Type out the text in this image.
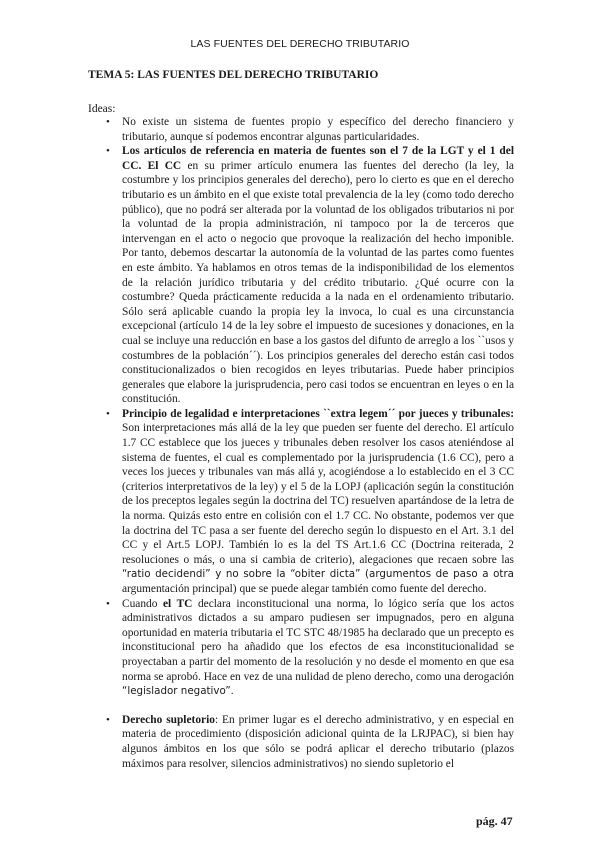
LAS FUENTES DEL DERECHO TRIBUTARIO
TEMA 5: LAS FUENTES DEL DERECHO TRIBUTARIO
Ideas:
• No existe un sistema de fuentes propio y específico del derecho financiero y tributario, aunque sí podemos encontrar algunas particularidades.
• Los artículos de referencia en materia de fuentes son el 7 de la LGT y el 1 del CC. El CC en su primer artículo enumera las fuentes del derecho (la ley, la costumbre y los principios generales del derecho), pero lo cierto es que en el derecho tributario es un ámbito en el que existe total prevalencia de la ley (como todo derecho público), que no podrá ser alterada por la voluntad de los obligados tributarios ni por la voluntad de la propia administración, ni tampoco por la de terceros que intervengan en el acto o negocio que provoque la realización del hecho imponible. Por tanto, debemos descartar la autonomía de la voluntad de las partes como fuentes en este ámbito. Ya hablamos en otros temas de la indisponibilidad de los elementos de la relación jurídico tributaria y del crédito tributario. ¿Qué ocurre con la costumbre? Queda prácticamente reducida a la nada en el ordenamiento tributario. Sólo será aplicable cuando la propia ley la invoca, lo cual es una circunstancia excepcional (artículo 14 de la ley sobre el impuesto de sucesiones y donaciones, en la cual se incluye una reducción en base a los gastos del difunto de arreglo a los ``usos y costumbres de la población´´). Los principios generales del derecho están casi todos constitucionalizados o bien recogidos en leyes tributarias. Puede haber principios generales que elabore la jurisprudencia, pero casi todos se encuentran en leyes o en la constitución.
• Principio de legalidad e interpretaciones ``extra legem´´ por jueces y tribunales: Son interpretaciones más allá de la ley que pueden ser fuente del derecho. El artículo 1.7 CC establece que los jueces y tribunales deben resolver los casos ateniéndose al sistema de fuentes, el cual es complementado por la jurisprudencia (1.6 CC), pero a veces los jueces y tribunales van más allá y, acogiéndose a lo establecido en el 3 CC (criterios interpretativos de la ley) y el 5 de la LOPJ (aplicación según la constitución de los preceptos legales según la doctrina del TC) resuelven apartándose de la letra de la norma. Quizás esto entre en colisión con el 1.7 CC. No obstante, podemos ver que la doctrina del TC pasa a ser fuente del derecho según lo dispuesto en el Art. 3.1 del CC y el Art.5 LOPJ. También lo es la del TS Art.1.6 CC (Doctrina reiterada, 2 resoluciones o más, o una si cambia de criterio), alegaciones que recaen sobre las “ratio decidendi” y no sobre la “obiter dicta” (argumentos de paso a otra argumentación principal) que se puede alegar también como fuente del derecho.
• Cuando el TC declara inconstitucional una norma, lo lógico sería que los actos administrativos dictados a su amparo pudiesen ser impugnados, pero en alguna oportunidad en materia tributaria el TC STC 48/1985 ha declarado que un precepto es inconstitucional pero ha añadido que los efectos de esa inconstitucionalidad se proyectaban a partir del momento de la resolución y no desde el momento en que esa norma se aprobó. Hace en vez de una nulidad de pleno derecho, como una derogación “legislador negativo”.
• Derecho supletorio: En primer lugar es el derecho administrativo, y en especial en materia de procedimiento (disposición adicional quinta de la LRJPAC), si bien hay algunos ámbitos en los que sólo se podrá aplicar el derecho tributario (plazos máximos para resolver, silencios administrativos) no siendo supletorio el
pág. 47
